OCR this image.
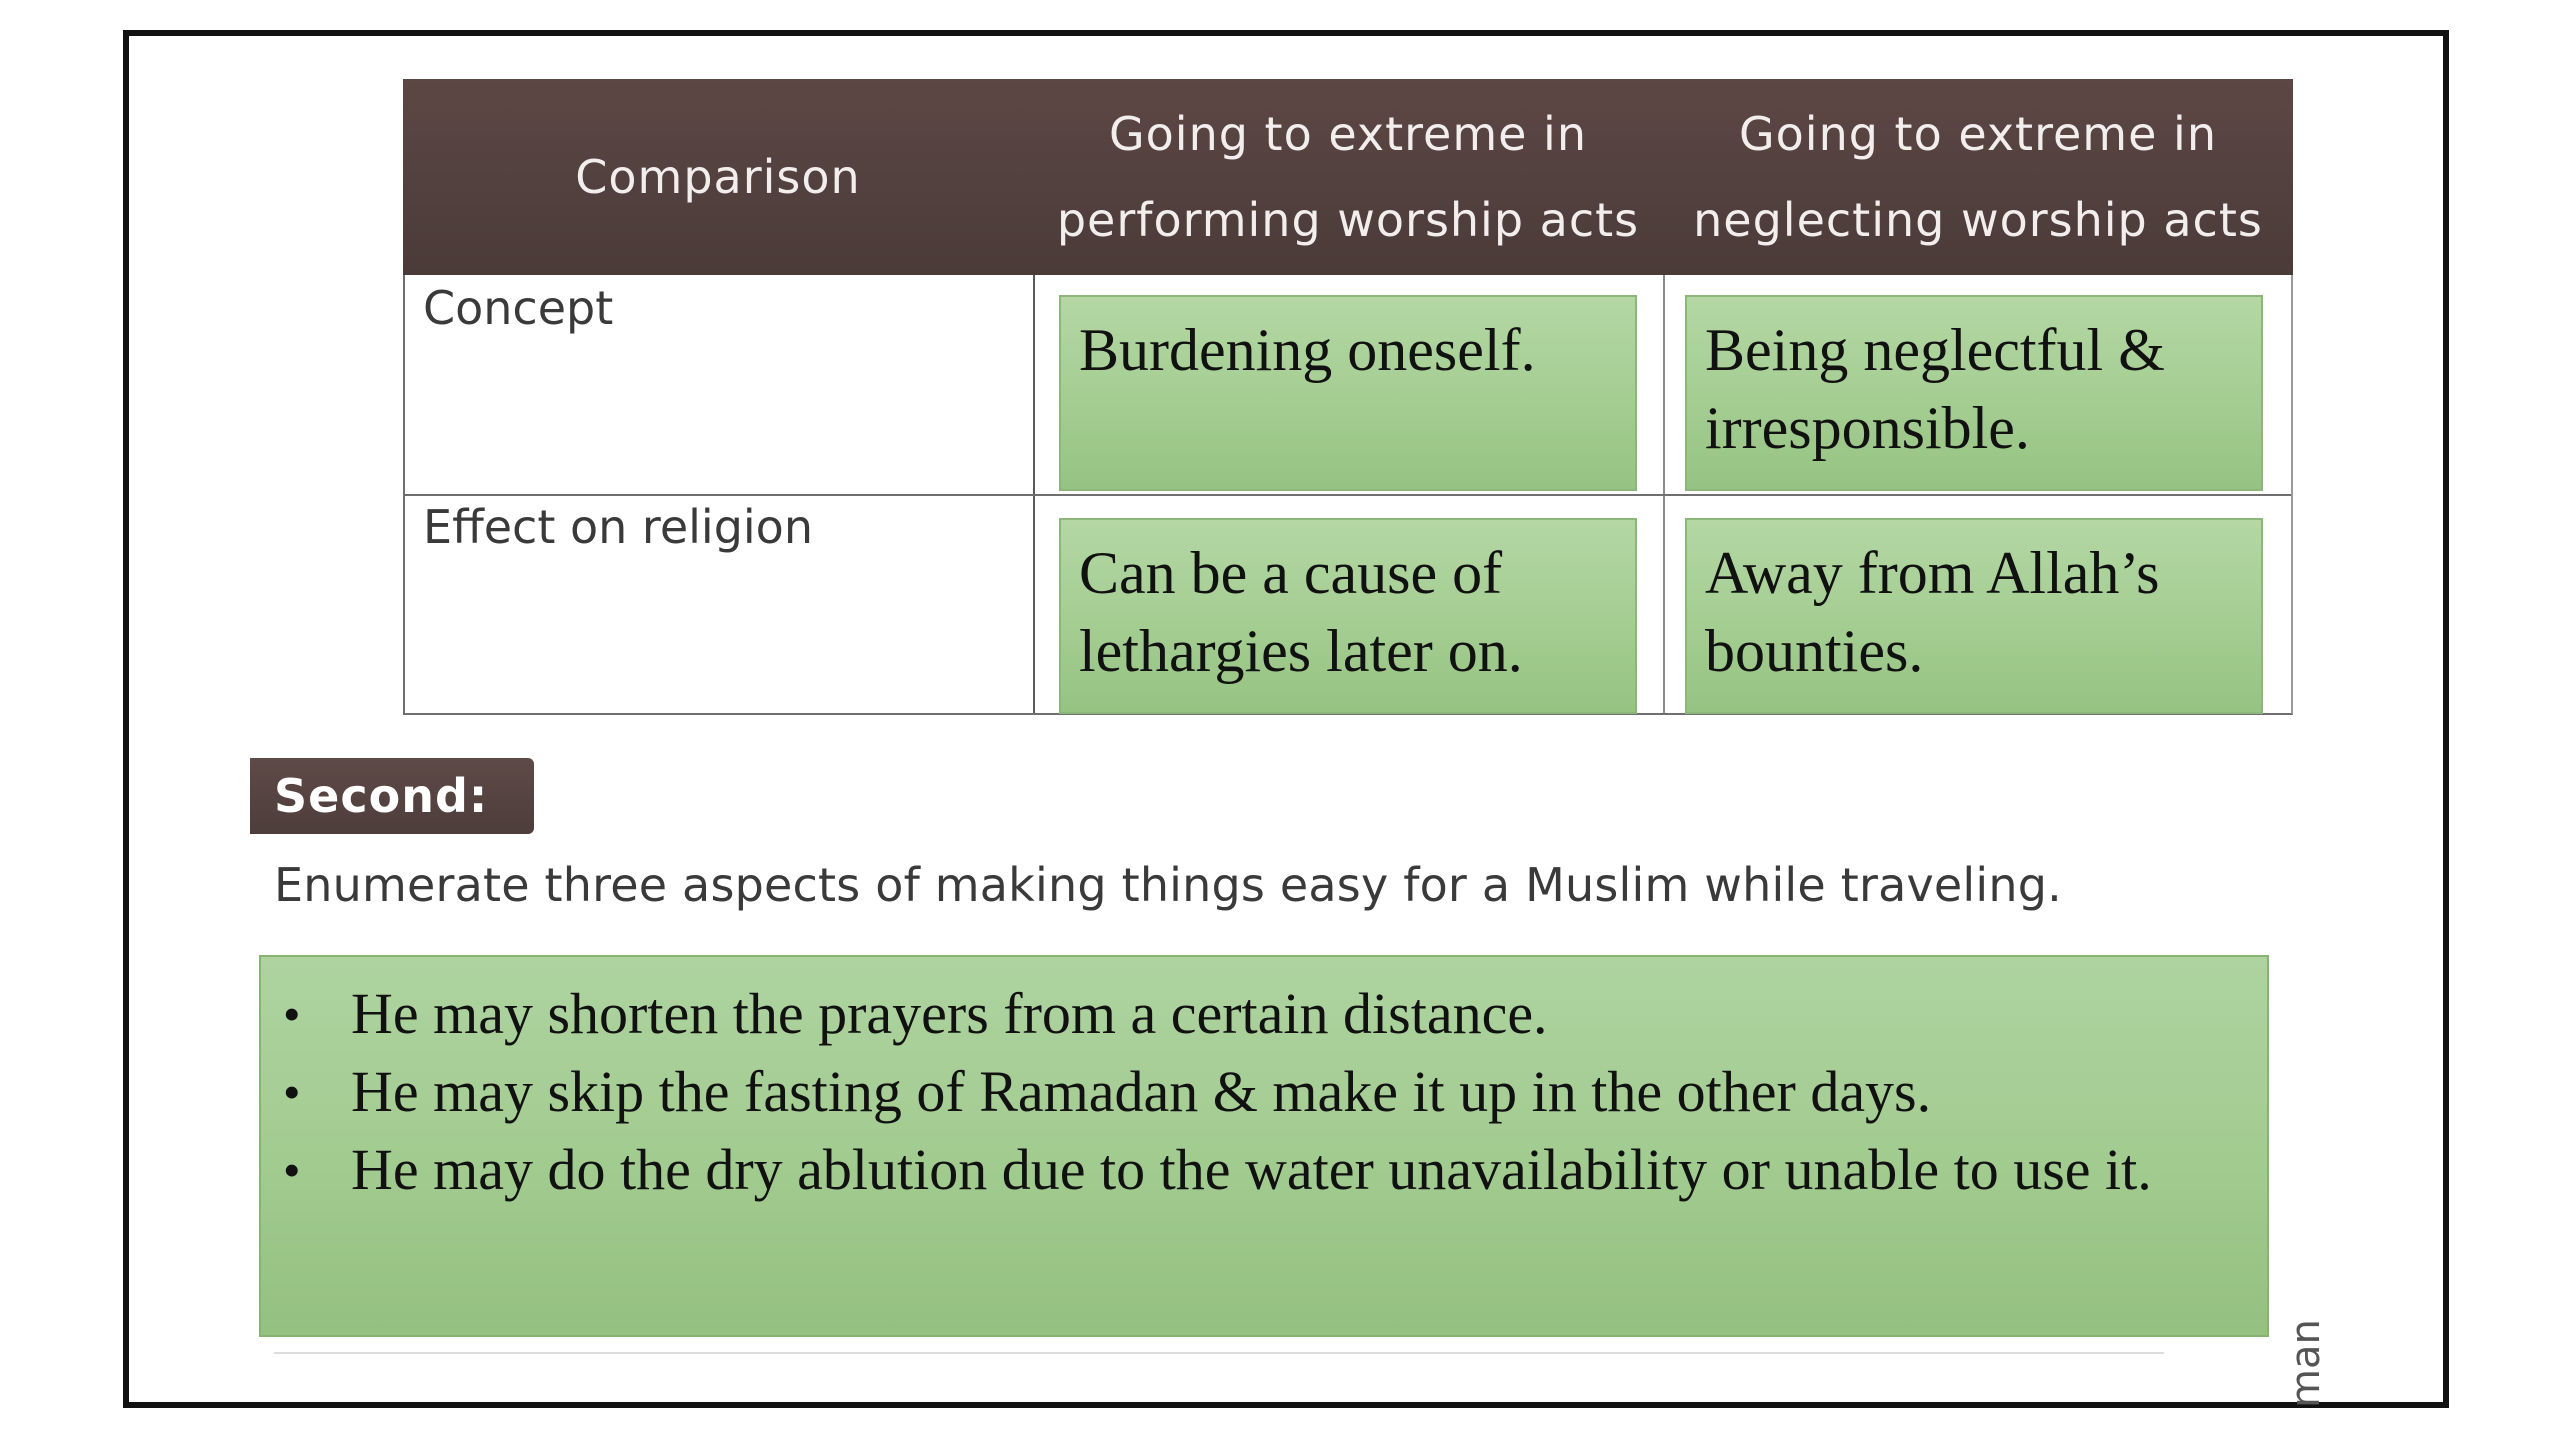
Comparison
Going to extreme in
performing worship acts
Going to extreme in
neglecting worship acts
Concept
Burdening oneself.	Being neglectful & irresponsible.
Effect on religion
Can be a cause of lethargies later on.
Away from Allah’s bounties.
Second:
Enumerate three aspects of making things easy for a Muslim while traveling.
• He may shorten the prayers from a certain distance.
• He may skip the fasting of Ramadan & make it up in the other days.
• He may do the dry ablution due to the water unavailability or unable to use it.
man
